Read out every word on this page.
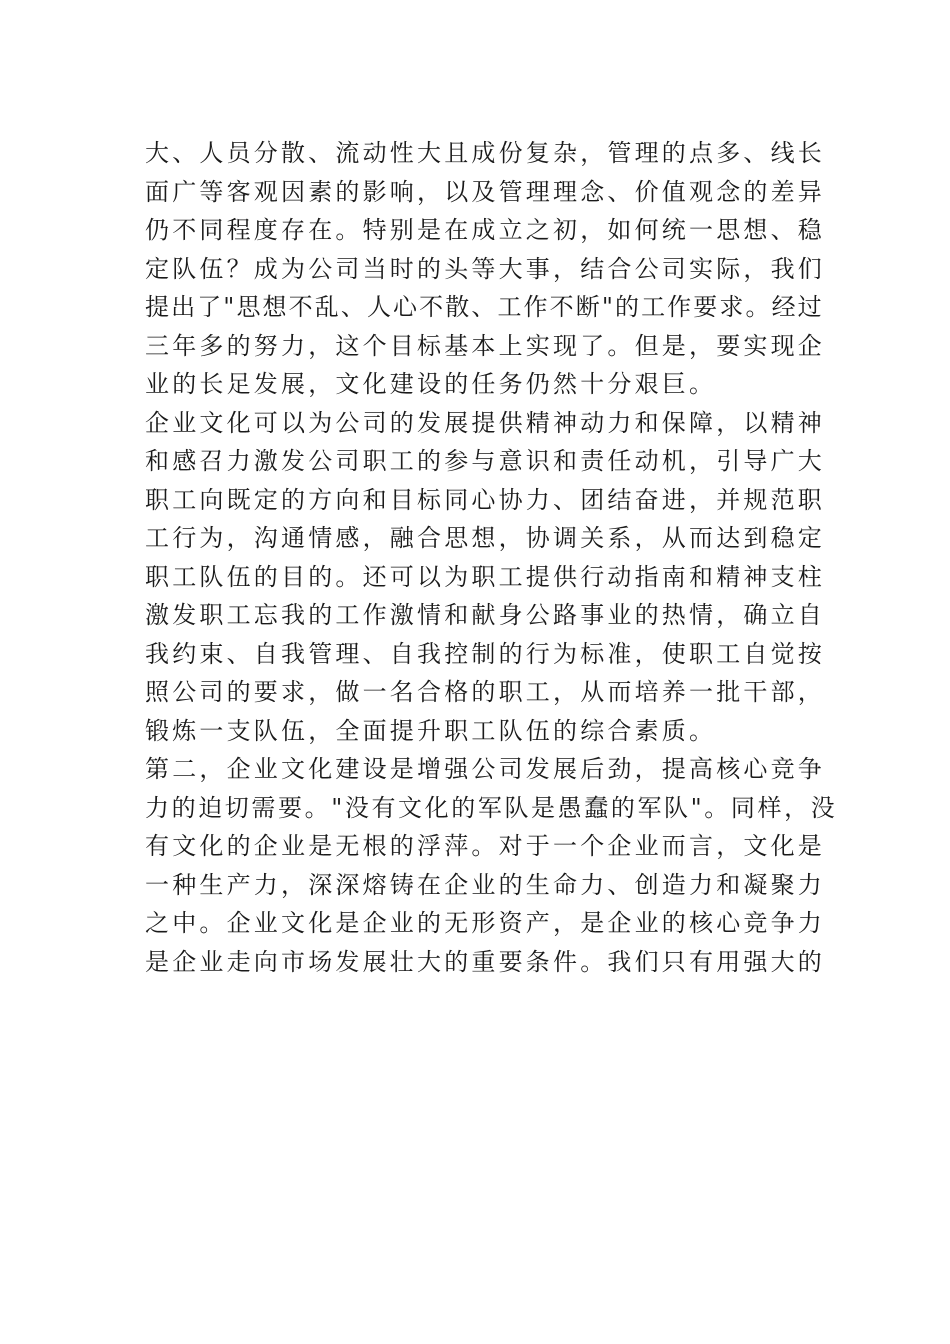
大、人员分散、流动性大且成份复杂，管理的点多、线长
面广等客观因素的影响，以及管理理念、价值观念的差异
仍不同程度存在。特别是在成立之初，如何统一思想、稳
定队伍？成为公司当时的头等大事，结合公司实际，我们
提出了"思想不乱、人心不散、工作不断"的工作要求。经过
三年多的努力，这个目标基本上实现了。但是，要实现企
业的长足发展，文化建设的任务仍然十分艰巨。
企业文化可以为公司的发展提供精神动力和保障，以精神
和感召力激发公司职工的参与意识和责任动机，引导广大
职工向既定的方向和目标同心协力、团结奋进，并规范职
工行为，沟通情感，融合思想，协调关系，从而达到稳定
职工队伍的目的。还可以为职工提供行动指南和精神支柱
激发职工忘我的工作激情和献身公路事业的热情，确立自
我约束、自我管理、自我控制的行为标准，使职工自觉按
照公司的要求，做一名合格的职工，从而培养一批干部，
锻炼一支队伍，全面提升职工队伍的综合素质。
第二，企业文化建设是增强公司发展后劲，提高核心竞争
力的迫切需要。"没有文化的军队是愚蠢的军队"。同样，没
有文化的企业是无根的浮萍。对于一个企业而言，文化是
一种生产力，深深熔铸在企业的生命力、创造力和凝聚力
之中。企业文化是企业的无形资产，是企业的核心竞争力
是企业走向市场发展壮大的重要条件。我们只有用强大的
